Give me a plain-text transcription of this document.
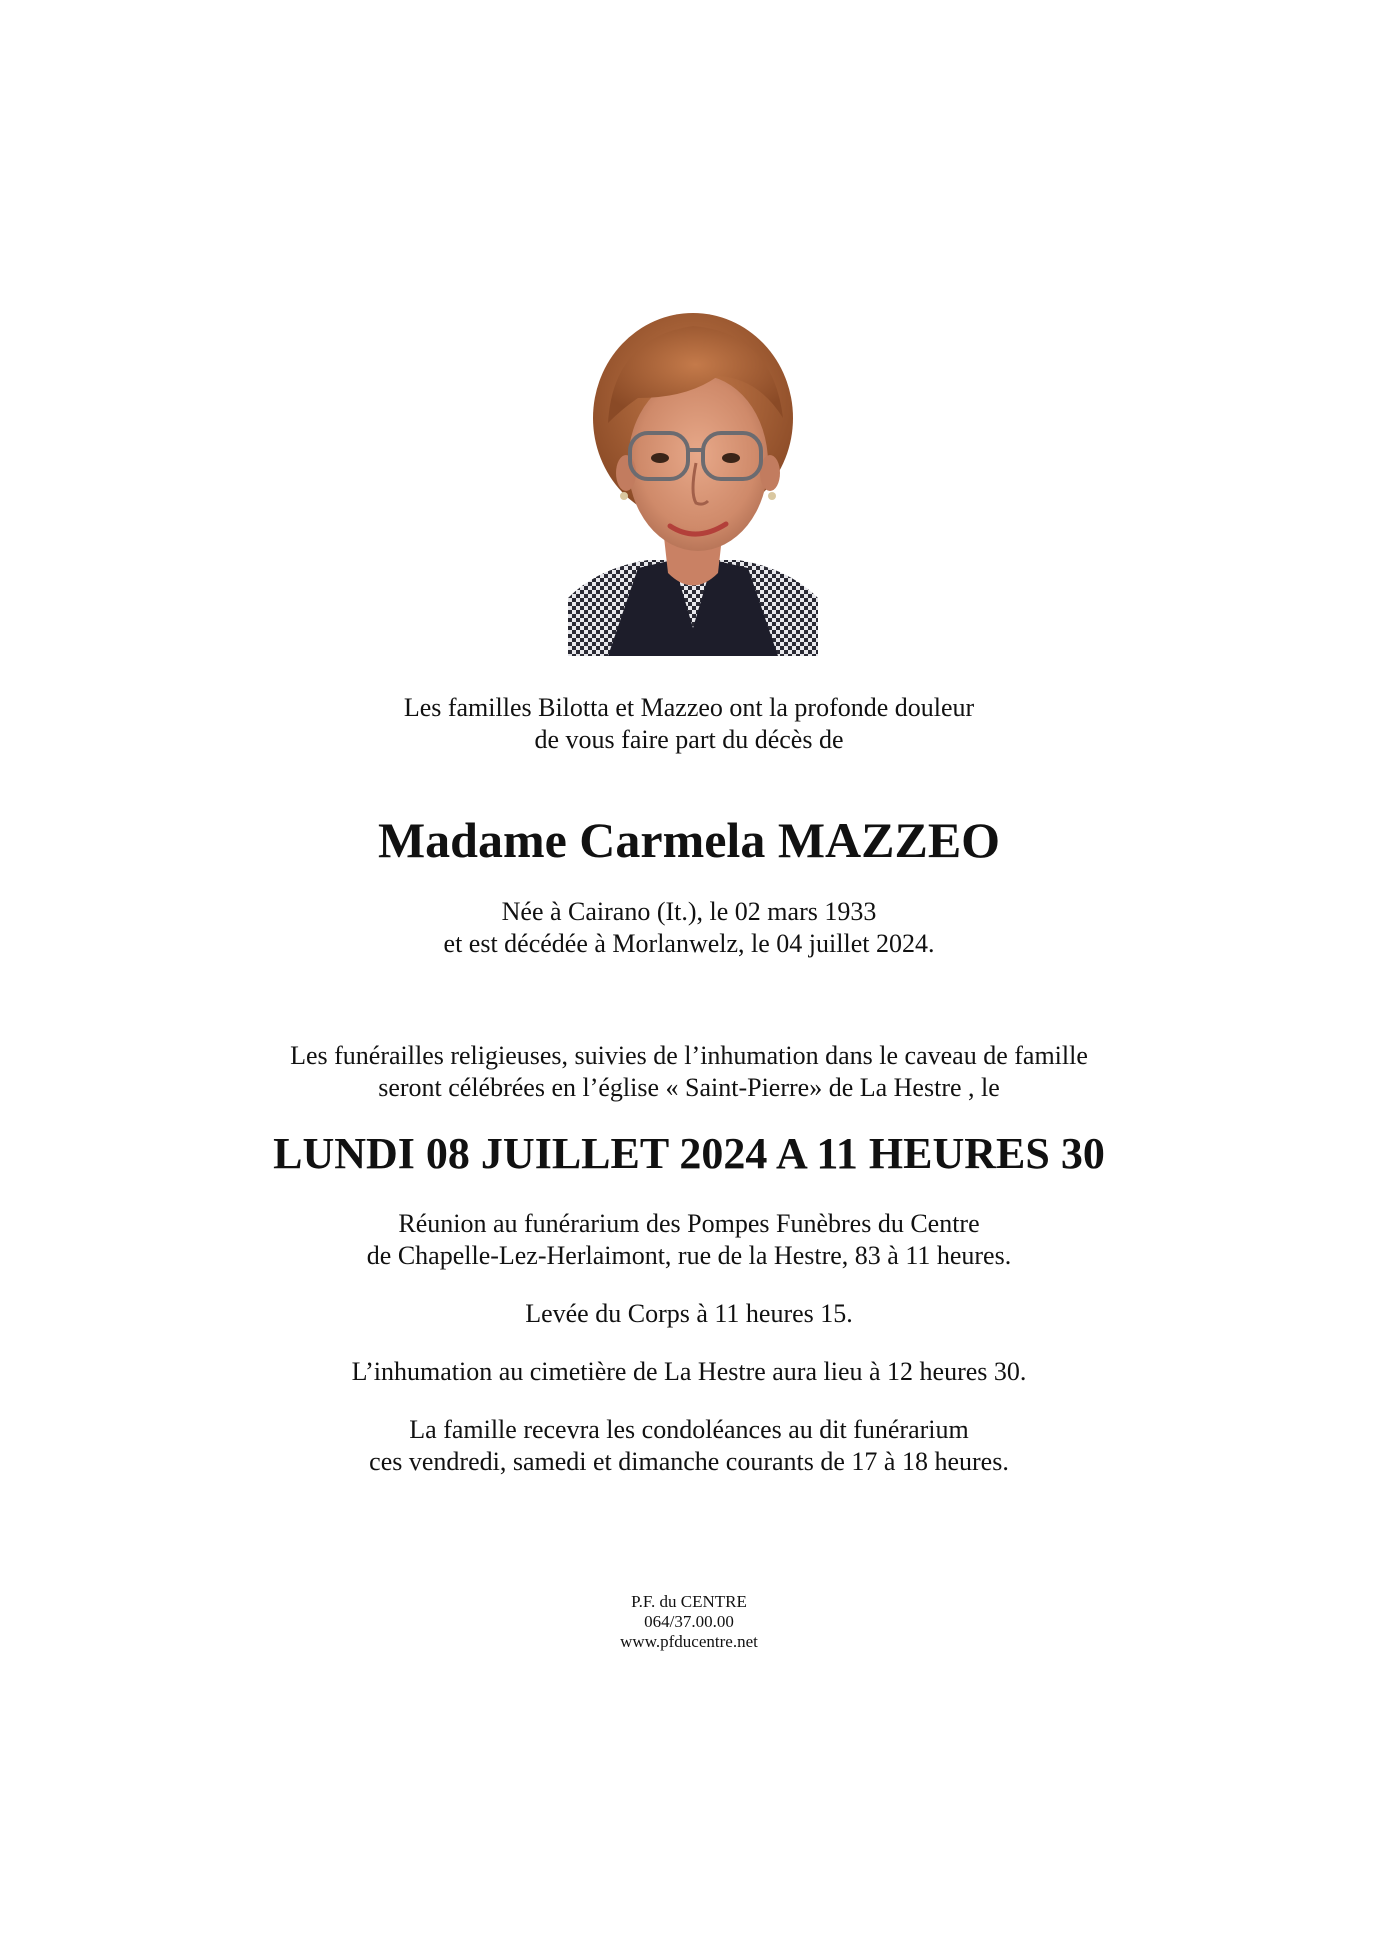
Les familles Bilotta et Mazzeo ont la profonde douleur
de vous faire part du décès de
Madame Carmela MAZZEO
Née à Cairano (It.), le 02 mars 1933
et est décédée à Morlanwelz, le 04 juillet 2024.
Les funérailles religieuses, suivies de l’inhumation dans le caveau de famille
seront célébrées en l’église « Saint-Pierre» de La Hestre , le
LUNDI 08 JUILLET 2024 A 11 HEURES 30
Réunion au funérarium des Pompes Funèbres du Centre
de Chapelle-Lez-Herlaimont, rue de la Hestre, 83 à 11 heures.
Levée du Corps à 11 heures 15.
L’inhumation au cimetière de La Hestre aura lieu à 12 heures 30.
La famille recevra les condoléances au dit funérarium
ces vendredi, samedi et dimanche courants de 17 à 18 heures.
P.F. du CENTRE
064/37.00.00
www.pfducentre.net
